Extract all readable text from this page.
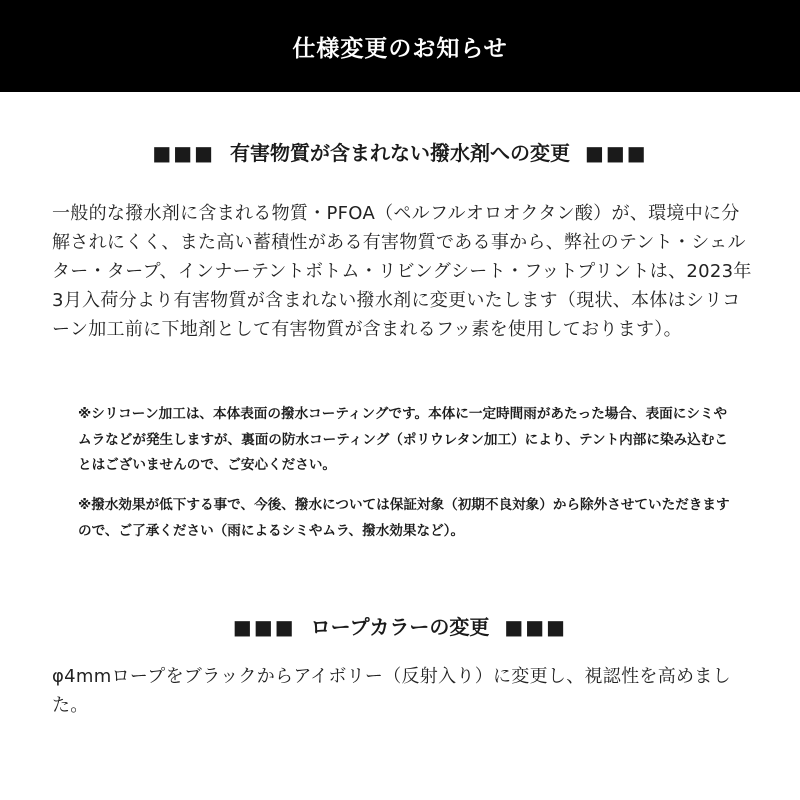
仕様変更のお知らせ
■■■ 有害物質が含まれない撥水剤への変更 ■■■
一般的な撥水剤に含まれる物質・PFOA（ペルフルオロオクタン酸）が、環境中に分解されにくく、また高い蓄積性がある有害物質である事から、弊社のテント・シェルター・タープ、インナーテントボトム・リビングシート・フットプリントは、2023年3月入荷分より有害物質が含まれない撥水剤に変更いたします（現状、本体はシリコーン加工前に下地剤として有害物質が含まれるフッ素を使用しております）。
※シリコーン加工は、本体表面の撥水コーティングです。本体に一定時間雨があたった場合、表面にシミやムラなどが発生しますが、裏面の防水コーティング（ポリウレタン加工）により、テント内部に染み込むことはございませんので、ご安心ください。
※撥水効果が低下する事で、今後、撥水については保証対象（初期不良対象）から除外させていただきますので、ご了承ください（雨によるシミやムラ、撥水効果など）。
■■■ ロープカラーの変更 ■■■
φ4mmロープをブラックからアイボリー（反射入り）に変更し、視認性を高めました。
